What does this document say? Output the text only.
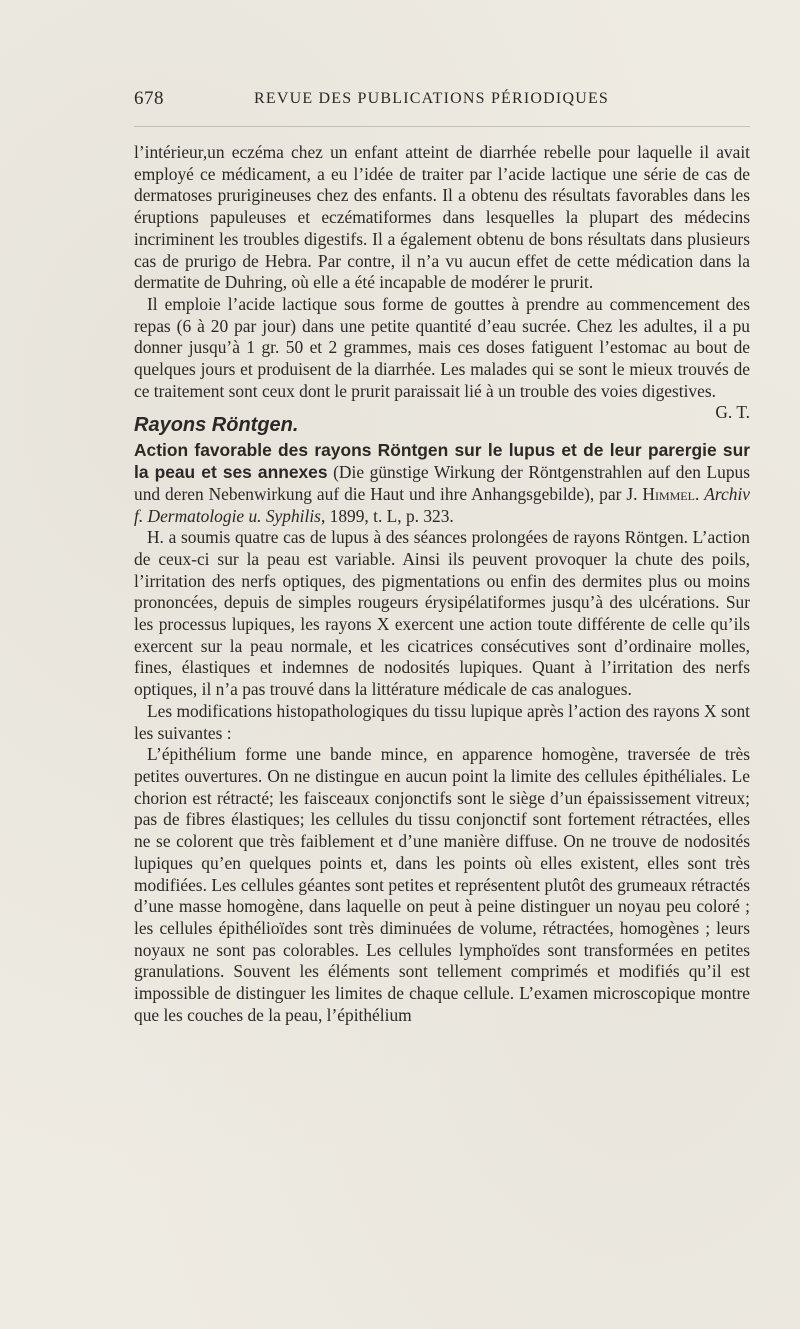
678	REVUE DES PUBLICATIONS PÉRIODIQUES

l’intérieur,un eczéma chez un enfant atteint de diarrhée rebelle pour laquelle il avait employé ce médicament, a eu l’idée de traiter par l’acide lactique une série de cas de dermatoses prurigineuses chez des enfants. Il a obtenu des résultats favorables dans les éruptions papuleuses et eczématiformes dans lesquelles la plupart des médecins incriminent les troubles digestifs. Il a également obtenu de bons résultats dans plusieurs cas de prurigo de Hebra. Par contre, il n’a vu aucun effet de cette médication dans la dermatite de Duhring, où elle a été incapable de modérer le prurit.

Il emploie l’acide lactique sous forme de gouttes à prendre au commencement des repas (6 à 20 par jour) dans une petite quantité d’eau sucrée. Chez les adultes, il a pu donner jusqu’à 1 gr. 50 et 2 grammes, mais ces doses fatiguent l’estomac au bout de quelques jours et produisent de la diarrhée. Les malades qui se sont le mieux trouvés de ce traitement sont ceux dont le prurit paraissait lié à un trouble des voies digestives.
G. T.

Rayons Röntgen.

Action favorable des rayons Röntgen sur le lupus et de leur parergie sur la peau et ses annexes (Die günstige Wirkung der Röntgenstrahlen auf den Lupus und deren Nebenwirkung auf die Haut und ihre Anhangsgebilde), par J. Himmel. Archiv f. Dermatologie u. Syphilis, 1899, t. L, p. 323.

H. a soumis quatre cas de lupus à des séances prolongées de rayons Röntgen. L’action de ceux-ci sur la peau est variable. Ainsi ils peuvent provoquer la chute des poils, l’irritation des nerfs optiques, des pigmentations ou enfin des dermites plus ou moins prononcées, depuis de simples rougeurs érysipélatiformes jusqu’à des ulcérations. Sur les processus lupiques, les rayons X exercent une action toute différente de celle qu’ils exercent sur la peau normale, et les cicatrices consécutives sont d’ordinaire molles, fines, élastiques et indemnes de nodosités lupiques. Quant à l’irritation des nerfs optiques, il n’a pas trouvé dans la littérature médicale de cas analogues.

Les modifications histopathologiques du tissu lupique après l’action des rayons X sont les suivantes :

L’épithélium forme une bande mince, en apparence homogène, traversée de très petites ouvertures. On ne distingue en aucun point la limite des cellules épithéliales. Le chorion est rétracté; les faisceaux conjonctifs sont le siège d’un épaississement vitreux; pas de fibres élastiques; les cellules du tissu conjonctif sont fortement rétractées, elles ne se colorent que très faiblement et d’une manière diffuse. On ne trouve de nodosités lupiques qu’en quelques points et, dans les points où elles existent, elles sont très modifiées. Les cellules géantes sont petites et représentent plutôt des grumeaux rétractés d’une masse homogène, dans laquelle on peut à peine distinguer un noyau peu coloré ; les cellules épithélioïdes sont très diminuées de volume, rétractées, homogènes ; leurs noyaux ne sont pas colorables. Les cellules lymphoïdes sont transformées en petites granulations. Souvent les éléments sont tellement comprimés et modifiés qu’il est impossible de distinguer les limites de chaque cellule. L’examen microscopique montre que les couches de la peau, l’épithélium
